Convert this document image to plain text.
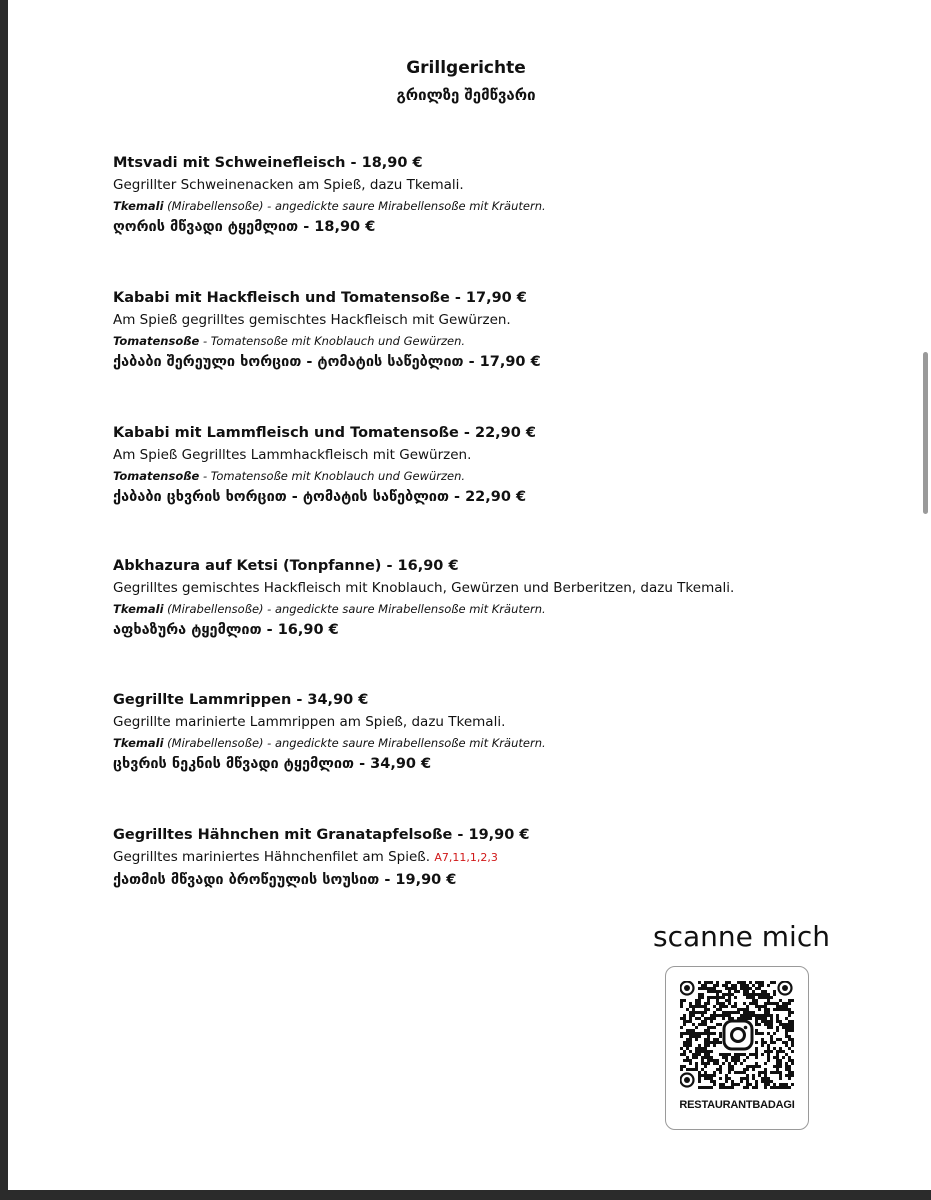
Grillgerichte
გრილზე შემწვარი
Mtsvadi mit Schweinefleisch - 18,90 €
Gegrillter Schweinenacken am Spieß, dazu Tkemali.
Tkemali (Mirabellensoße) - angedickte saure Mirabellensoße mit Kräutern.
ღორის მწვადი ტყემლით - 18,90 €
Kababi mit Hackfleisch und Tomatensoße - 17,90 €
Am Spieß gegrilltes gemischtes Hackfleisch mit Gewürzen.
Tomatensoße - Tomatensoße mit Knoblauch und Gewürzen.
ქაბაბი შერეული ხორცით - ტომატის საწებლით - 17,90 €
Kababi mit Lammfleisch und Tomatensoße - 22,90 €
Am Spieß Gegrilltes Lammhackfleisch mit Gewürzen.
Tomatensoße - Tomatensoße mit Knoblauch und Gewürzen.
ქაბაბი ცხვრის ხორცით - ტომატის საწებლით - 22,90 €
Abkhazura auf Ketsi (Tonpfanne) - 16,90 €
Gegrilltes gemischtes Hackfleisch mit Knoblauch, Gewürzen und Berberitzen, dazu Tkemali.
Tkemali (Mirabellensoße) - angedickte saure Mirabellensoße mit Kräutern.
აფხაზურა ტყემლით - 16,90 €
Gegrillte Lammrippen - 34,90 €
Gegrillte marinierte Lammrippen am Spieß, dazu Tkemali.
Tkemali (Mirabellensoße) - angedickte saure Mirabellensoße mit Kräutern.
ცხვრის ნეკნის მწვადი ტყემლით - 34,90 €
Gegrilltes Hähnchen mit Granatapfelsoße - 19,90 €
Gegrilltes mariniertes Hähnchenfilet am Spieß. A7,11,1,2,3
ქათმის მწვადი ბროწეულის სოუსით - 19,90 €
scanne mich
RESTAURANTBADAGI
